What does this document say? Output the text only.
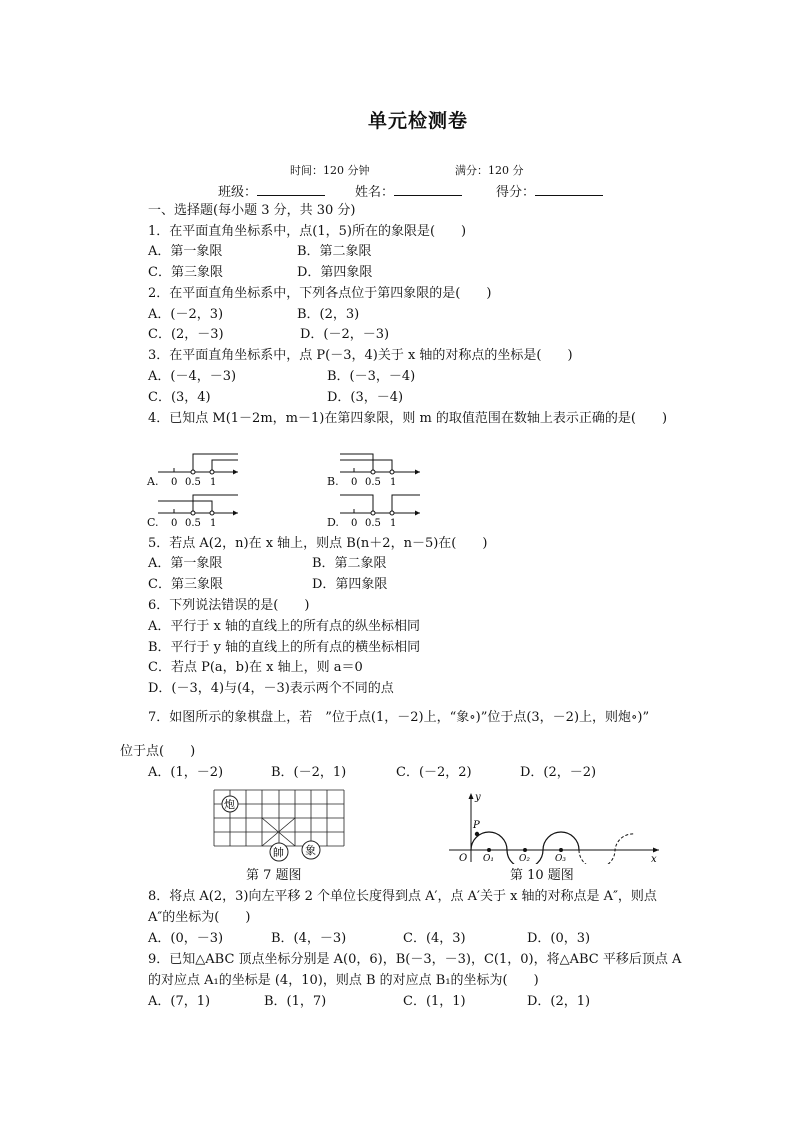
单元检测卷
时间：120 分钟	满分：120 分
班级：	姓名：	得分：
一、选择题(每小题 3 分，共 30 分)
1．在平面直角坐标系中，点(1，5)所在的象限是(　　)
A．第一象限	B．第二象限
C．第三象限	D．第四象限
2．在平面直角坐标系中，下列各点位于第四象限的是(　　)
A．(－2，3)	B．(2，3)
C．(2，－3)	D．(－2，－3)
3．在平面直角坐标系中，点 P(－3，4)关于 x 轴的对称点的坐标是(　　)
A．(－4，－3)	B．(－3，－4)
C．(3，4)	D．(3，－4)
4．已知点 M(1－2m，m－1)在第四象限，则 m 的取值范围在数轴上表示正确的是(　　)
A. 0 0.5 1	B. 0 0.5 1
C. 0 0.5 1	D. 0 0.5 1
5．若点 A(2，n)在 x 轴上，则点 B(n＋2，n－5)在(　　)
A．第一象限	B．第二象限
C．第三象限	D．第四象限
6．下列说法错误的是(　　)
A．平行于 x 轴的直线上的所有点的纵坐标相同
B．平行于 y 轴的直线上的所有点的横坐标相同
C．若点 P(a，b)在 x 轴上，则 a＝0
D．(－3，4)与(4，－3)表示两个不同的点
7．如图所示的象棋盘上，若　”位于点(1，－2)上，“象∘)”位于点(3，－2)上，则炮∘)”
位于点(　　)
A．(1，－2)	B．(－2，1)	C．(－2，2)	D．(2，－2)
炮
帥 象
第 7 题图
y
x
O
P
O₁	O₂	O₃
第 10 题图
8．将点 A(2，3)向左平移 2 个单位长度得到点 A′，点 A′关于 x 轴的对称点是 A″，则点
A″的坐标为(　　)
A．(0，－3)	B．(4，－3)	C．(4，3)	D．(0，3)
9．已知△ABC 顶点坐标分别是 A(0，6)，B(－3，－3)，C(1，0)，将△ABC 平移后顶点 A
的对应点 A₁的坐标是 (4，10)，则点 B 的对应点 B₁的坐标为(　　)
A．(7，1)	B．(1，7)	C．(1，1)	D．(2，1)
